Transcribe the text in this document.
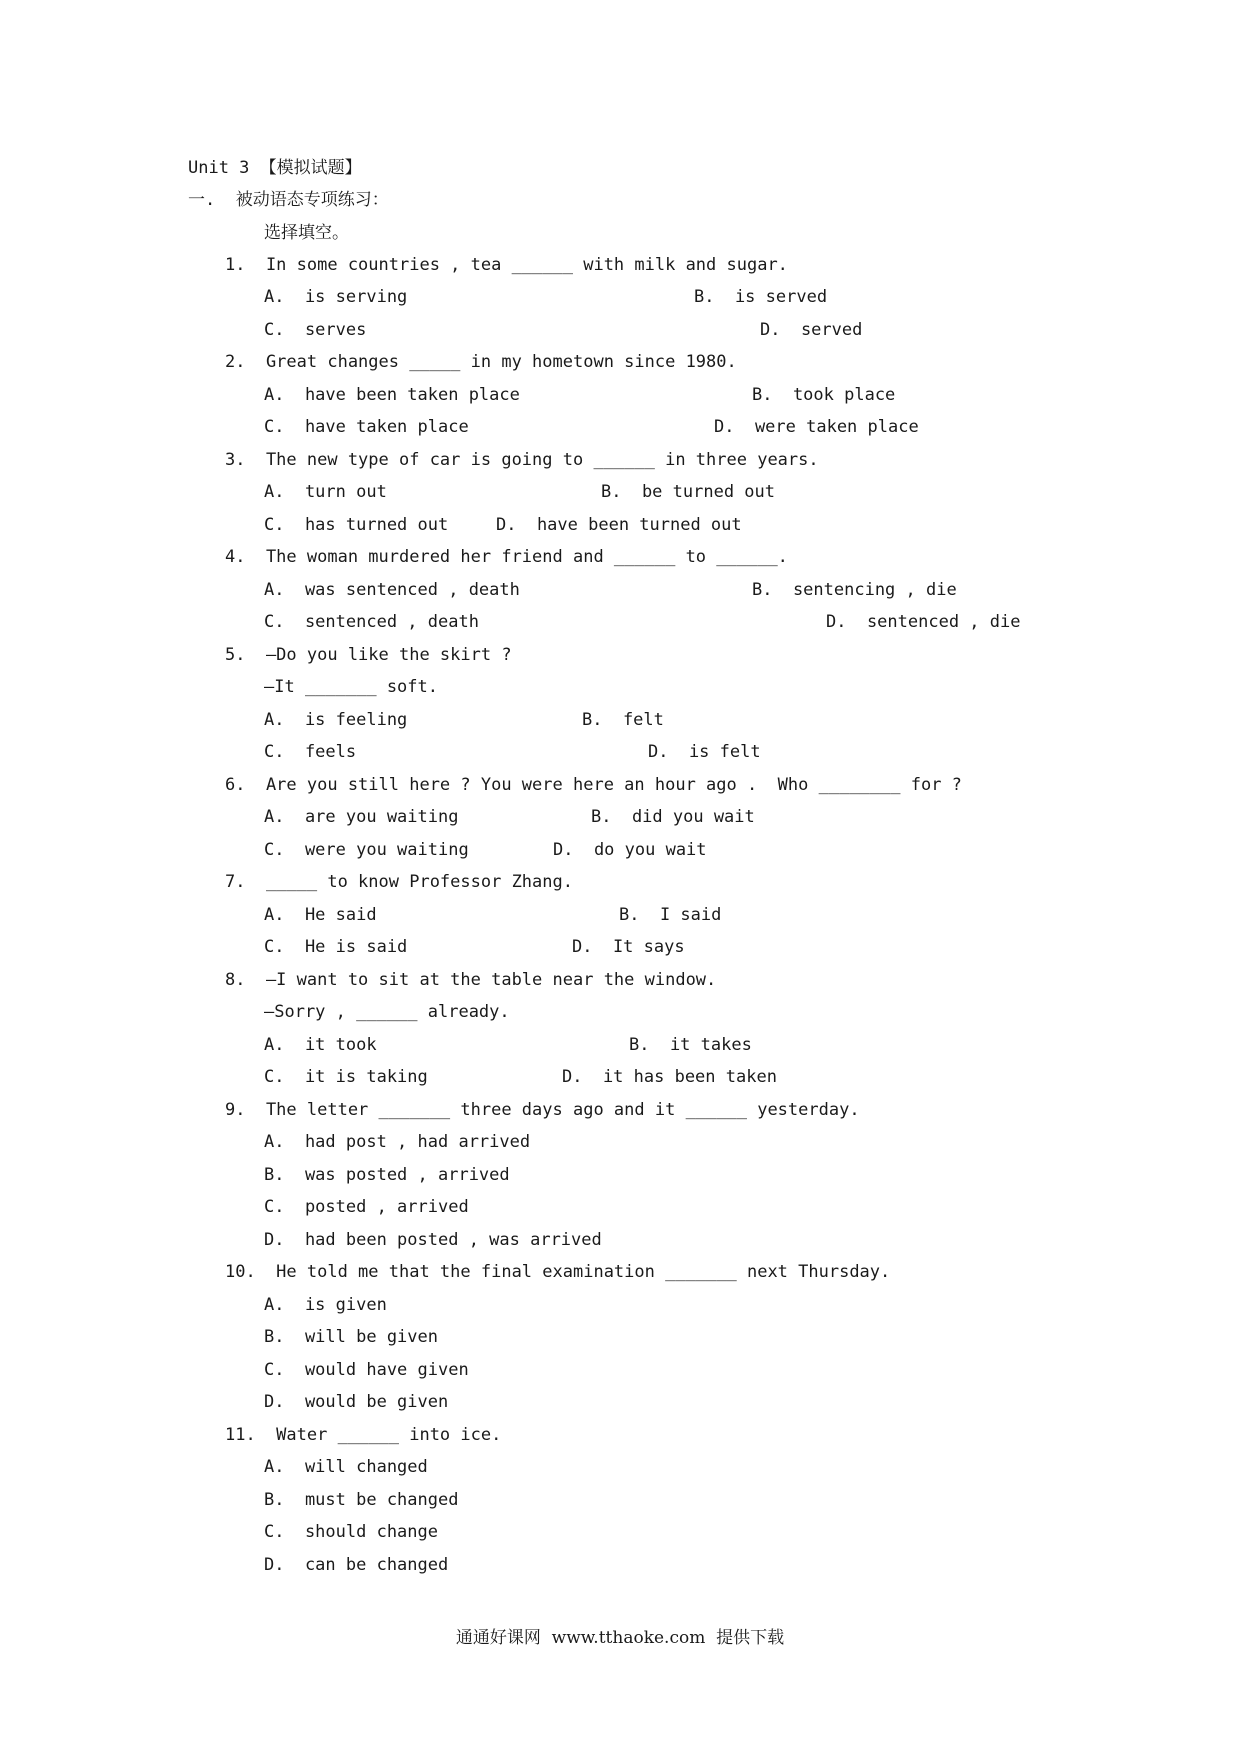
Unit 3 【模拟试题】
一.  被动语态专项练习：
选择填空。
1.  In some countries , tea ______ with milk and sugar.
A.  is serving	B.  is served
C.  serves	D.  served
2.  Great changes _____ in my hometown since 1980.
A.  have been taken place	B.  took place
C.  have taken place	D.  were taken place
3.  The new type of car is going to ______ in three years.
A.  turn out	B.  be turned out
C.  has turned out	D.  have been turned out
4.  The woman murdered her friend and ______ to ______.
A.  was sentenced , death	B.  sentencing , die
C.  sentenced , death	D.  sentenced , die
5.  —Do you like the skirt ?
—It _______ soft.
A.  is feeling	B.  felt
C.  feels	D.  is felt
6.  Are you still here ? You were here an hour ago .  Who ________ for ?
A.  are you waiting	B.  did you wait
C.  were you waiting	D.  do you wait
7.  _____ to know Professor Zhang.
A.  He said	B.  I said
C.  He is said	D.  It says
8.  —I want to sit at the table near the window.
—Sorry , ______ already.
A.  it took	B.  it takes
C.  it is taking	D.  it has been taken
9.  The letter _______ three days ago and it ______ yesterday.
A.  had post , had arrived
B.  was posted , arrived
C.  posted , arrived
D.  had been posted , was arrived
10.  He told me that the final examination _______ next Thursday.
A.  is given
B.  will be given
C.  would have given
D.  would be given
11.  Water ______ into ice.
A.  will changed
B.  must be changed
C.  should change
D.  can be changed
通通好课网  www.tthaoke.com  提供下载
